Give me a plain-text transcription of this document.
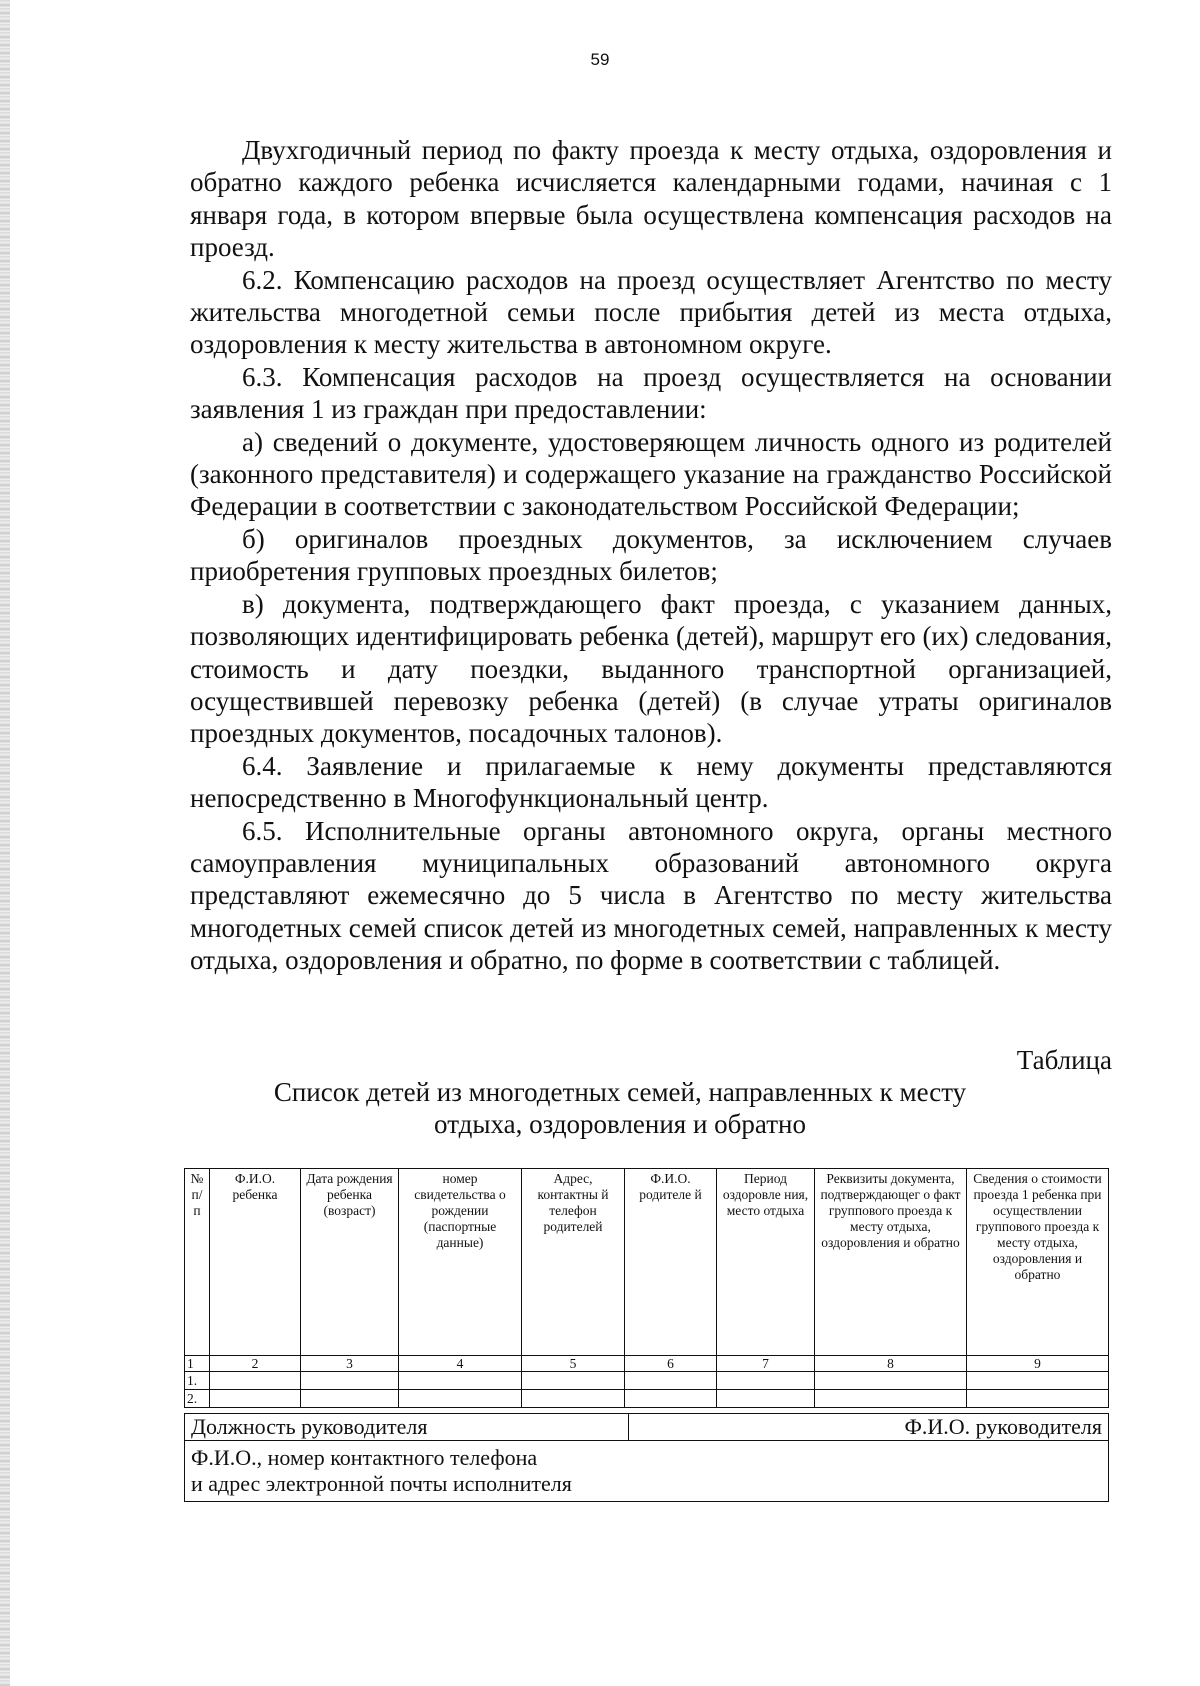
59

Двухгодичный период по факту проезда к месту отдыха, оздоровления и обратно каждого ребенка исчисляется календарными годами, начиная с 1 января года, в котором впервые была осуществлена компенсация расходов на проезд.

6.2. Компенсацию расходов на проезд осуществляет Агентство по месту жительства многодетной семьи после прибытия детей из места отдыха, оздоровления к месту жительства в автономном округе.

6.3. Компенсация расходов на проезд осуществляется на основании заявления 1 из граждан при предоставлении:

а) сведений о документе, удостоверяющем личность одного из родителей (законного представителя) и содержащего указание на гражданство Российской Федерации в соответствии с законодательством Российской Федерации;

б) оригиналов проездных документов, за исключением случаев приобретения групповых проездных билетов;

в) документа, подтверждающего факт проезда, с указанием данных, позволяющих идентифицировать ребенка (детей), маршрут его (их) следования, стоимость и дату поездки, выданного транспортной организацией, осуществившей перевозку ребенка (детей) (в случае утраты оригиналов проездных документов, посадочных талонов).

6.4. Заявление и прилагаемые к нему документы представляются непосредственно в Многофункциональный центр.

6.5. Исполнительные органы автономного округа, органы местного самоуправления муниципальных образований автономного округа представляют ежемесячно до 5 числа в Агентство по месту жительства многодетных семей список детей из многодетных семей, направленных к месту отдыха, оздоровления и обратно, по форме в соответствии с таблицей.

Таблица
Список детей из многодетных семей, направленных к месту
отдыха, оздоровления и обратно
№ п/ п	Ф.И.О. ребенка	Дата рождения ребенка (возраст)	номер свидетельства о рождении (паспортные данные)	Адрес, контактны й телефон родителей	Ф.И.О. родителе й	Период оздоровле ния, место отдыха	Реквизиты документа, подтверждающег о факт группового проезда к месту отдыха, оздоровления и обратно	Сведения о стоимости проезда 1 ребенка при осуществлении группового проезда к месту отдыха, оздоровления и обратно
1	2	3	4	5	6	7	8	9
1.								
2.								
Должность руководителя	Ф.И.О. руководителя

Ф.И.О., номер контактного телефона
и адрес электронной почты исполнителя
